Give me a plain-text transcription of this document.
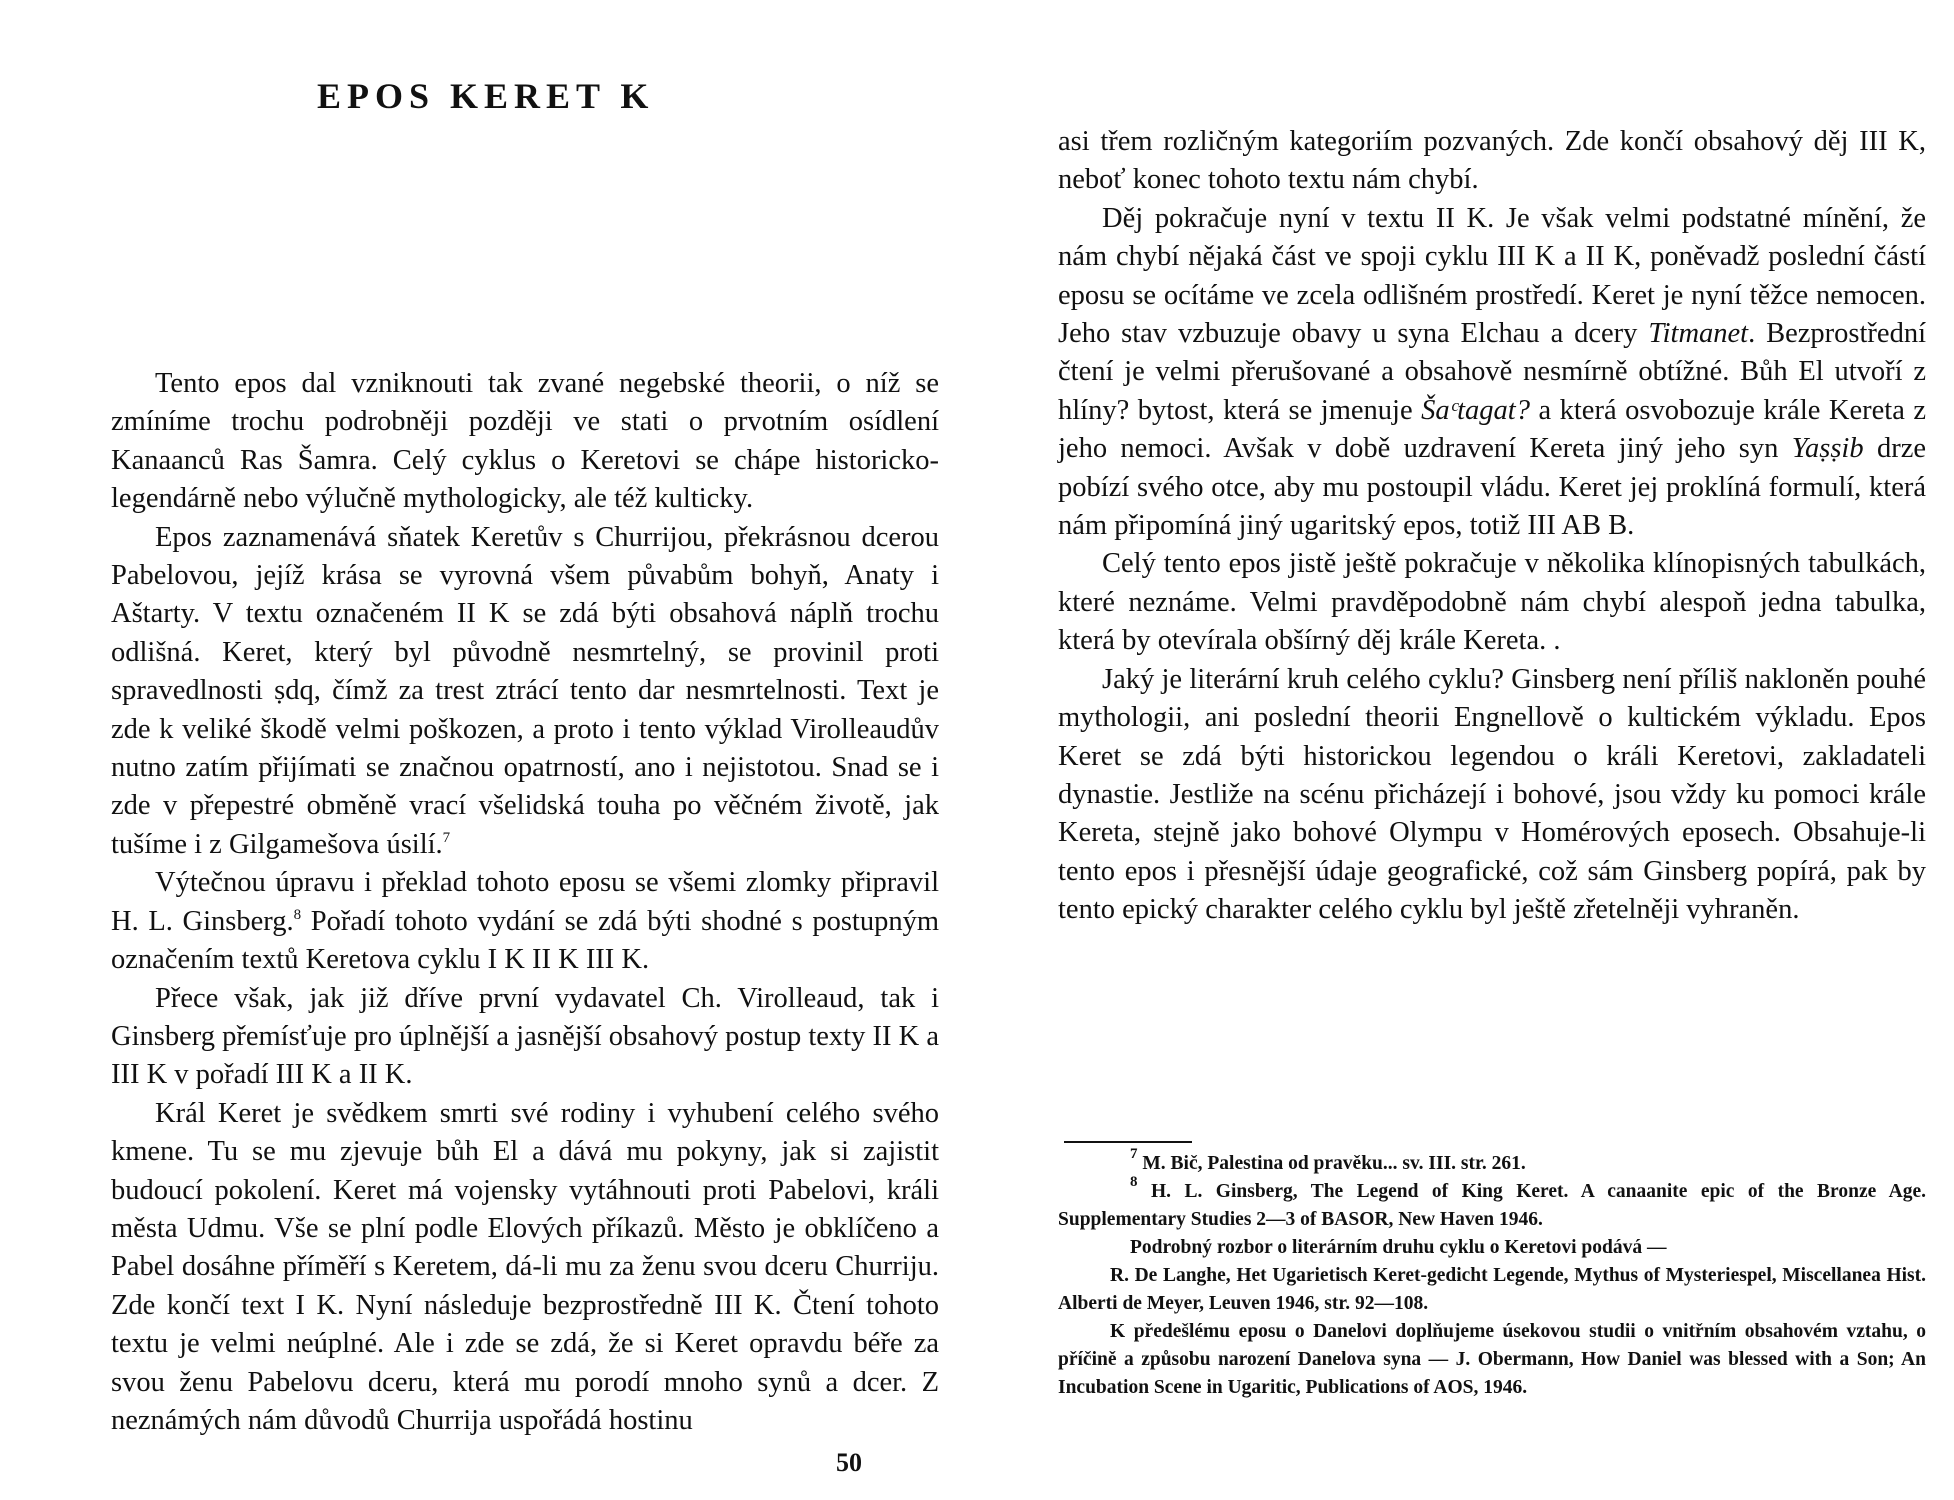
EPOS KERET K

Tento epos dal vzniknouti tak zvané negebské theorii, o níž se zmíníme trochu podrobněji později ve stati o prvotním osídlení Kanaanců Ras Šamra. Celý cyklus o Keretovi se chápe historicko-legendárně nebo výlučně mythologicky, ale též kulticky.

Epos zaznamenává sňatek Keretův s Churrijou, překrásnou dcerou Pabelovou, jejíž krása se vyrovná všem půvabům bohyň, Anaty i Aštarty. V textu označeném II K se zdá býti obsahová náplň trochu odlišná. Keret, který byl původně nesmrtelný, se provinil proti spravedlnosti ṣdq, čímž za trest ztrácí tento dar nesmrtelnosti. Text je zde k veliké škodě velmi poškozen, a proto i tento výklad Virolleaudův nutno zatím přijímati se značnou opatrností, ano i nejistotou. Snad se i zde v přepestré obměně vrací všelidská touha po věčném životě, jak tušíme i z Gilgamešova úsilí.$^7$

Výtečnou úpravu i překlad tohoto eposu se všemi zlomky připravil H. L. Ginsberg.$^8$ Pořadí tohoto vydání se zdá býti shodné s postupným označením textů Keretova cyklu I K II K III K.

Přece však, jak již dříve první vydavatel Ch. Virolleaud, tak i Ginsberg přemísťuje pro úplnější a jasnější obsahový postup texty II K a III K v pořadí III K a II K.

Král Keret je svědkem smrti své rodiny i vyhubení celého svého kmene. Tu se mu zjevuje bůh El a dává mu pokyny, jak si zajistit budoucí pokolení. Keret má vojensky vytáhnouti proti Pabelovi, králi města Udmu. Vše se plní podle Elových příkazů. Město je obklíčeno a Pabel dosáhne příměří s Keretem, dá-li mu za ženu svou dceru Churriju. Zde končí text I K. Nyní následuje bezprostředně III K. Čtení tohoto textu je velmi neúplné. Ale i zde se zdá, že si Keret opravdu béře za svou ženu Pabelovu dceru, která mu porodí mnoho synů a dcer. Z neznámých nám důvodů Churrija uspořádá hostinu

asi třem rozličným kategoriím pozvaných. Zde končí obsahový děj III K, neboť konec tohoto textu nám chybí.

Děj pokračuje nyní v textu II K. Je však velmi podstatné mínění, že nám chybí nějaká část ve spoji cyklu III K a II K, poněvadž poslední částí eposu se ocítáme ve zcela odlišném prostředí. Keret je nyní těžce nemocen. Jeho stav vzbuzuje obavy u syna Elchau a dcery Titmanet. Bezprostřední čtení je velmi přerušované a obsahově nesmírně obtížné. Bůh El utvoří z hlíny? bytost, která se jmenuje Šaᶜtagat? a která osvobozuje krále Kereta z jeho nemoci. Avšak v době uzdravení Kereta jiný jeho syn Yaṣṣib drze pobízí svého otce, aby mu postoupil vládu. Keret jej proklíná formulí, která nám připomíná jiný ugaritský epos, totiž III AB B.

Celý tento epos jistě ještě pokračuje v několika klínopisných tabulkách, které neznáme. Velmi pravděpodobně nám chybí alespoň jedna tabulka, která by otevírala obšírný děj krále Kereta. .

Jaký je literární kruh celého cyklu? Ginsberg není příliš nakloněn pouhé mythologii, ani poslední theorii Engnellově o kultickém výkladu. Epos Keret se zdá býti historickou legendou o králi Keretovi, zakladateli dynastie. Jestliže na scénu přicházejí i bohové, jsou vždy ku pomoci krále Kereta, stejně jako bohové Olympu v Homérových eposech. Obsahuje-li tento epos i přesnější údaje geografické, což sám Ginsberg popírá, pak by tento epický charakter celého cyklu byl ještě zřetelněji vyhraněn.

$^7$ M. Bič, Palestina od pravěku... sv. III. str. 261.

$^8$ H. L. Ginsberg, The Legend of King Keret. A canaanite epic of the Bronze Age. Supplementary Studies 2—3 of BASOR, New Haven 1946.

Podrobný rozbor o literárním druhu cyklu o Keretovi podává —

R. De Langhe, Het Ugarietisch Keret-gedicht Legende, Mythus of Mysteriespel, Miscellanea Hist. Alberti de Meyer, Leuven 1946, str. 92—108.

K předešlému eposu o Danelovi doplňujeme úsekovou studii o vnitřním obsahovém vztahu, o příčině a způsobu narození Danelova syna — J. Obermann, How Daniel was blessed with a Son; An Incubation Scene in Ugaritic, Publications of AOS, 1946.

50
